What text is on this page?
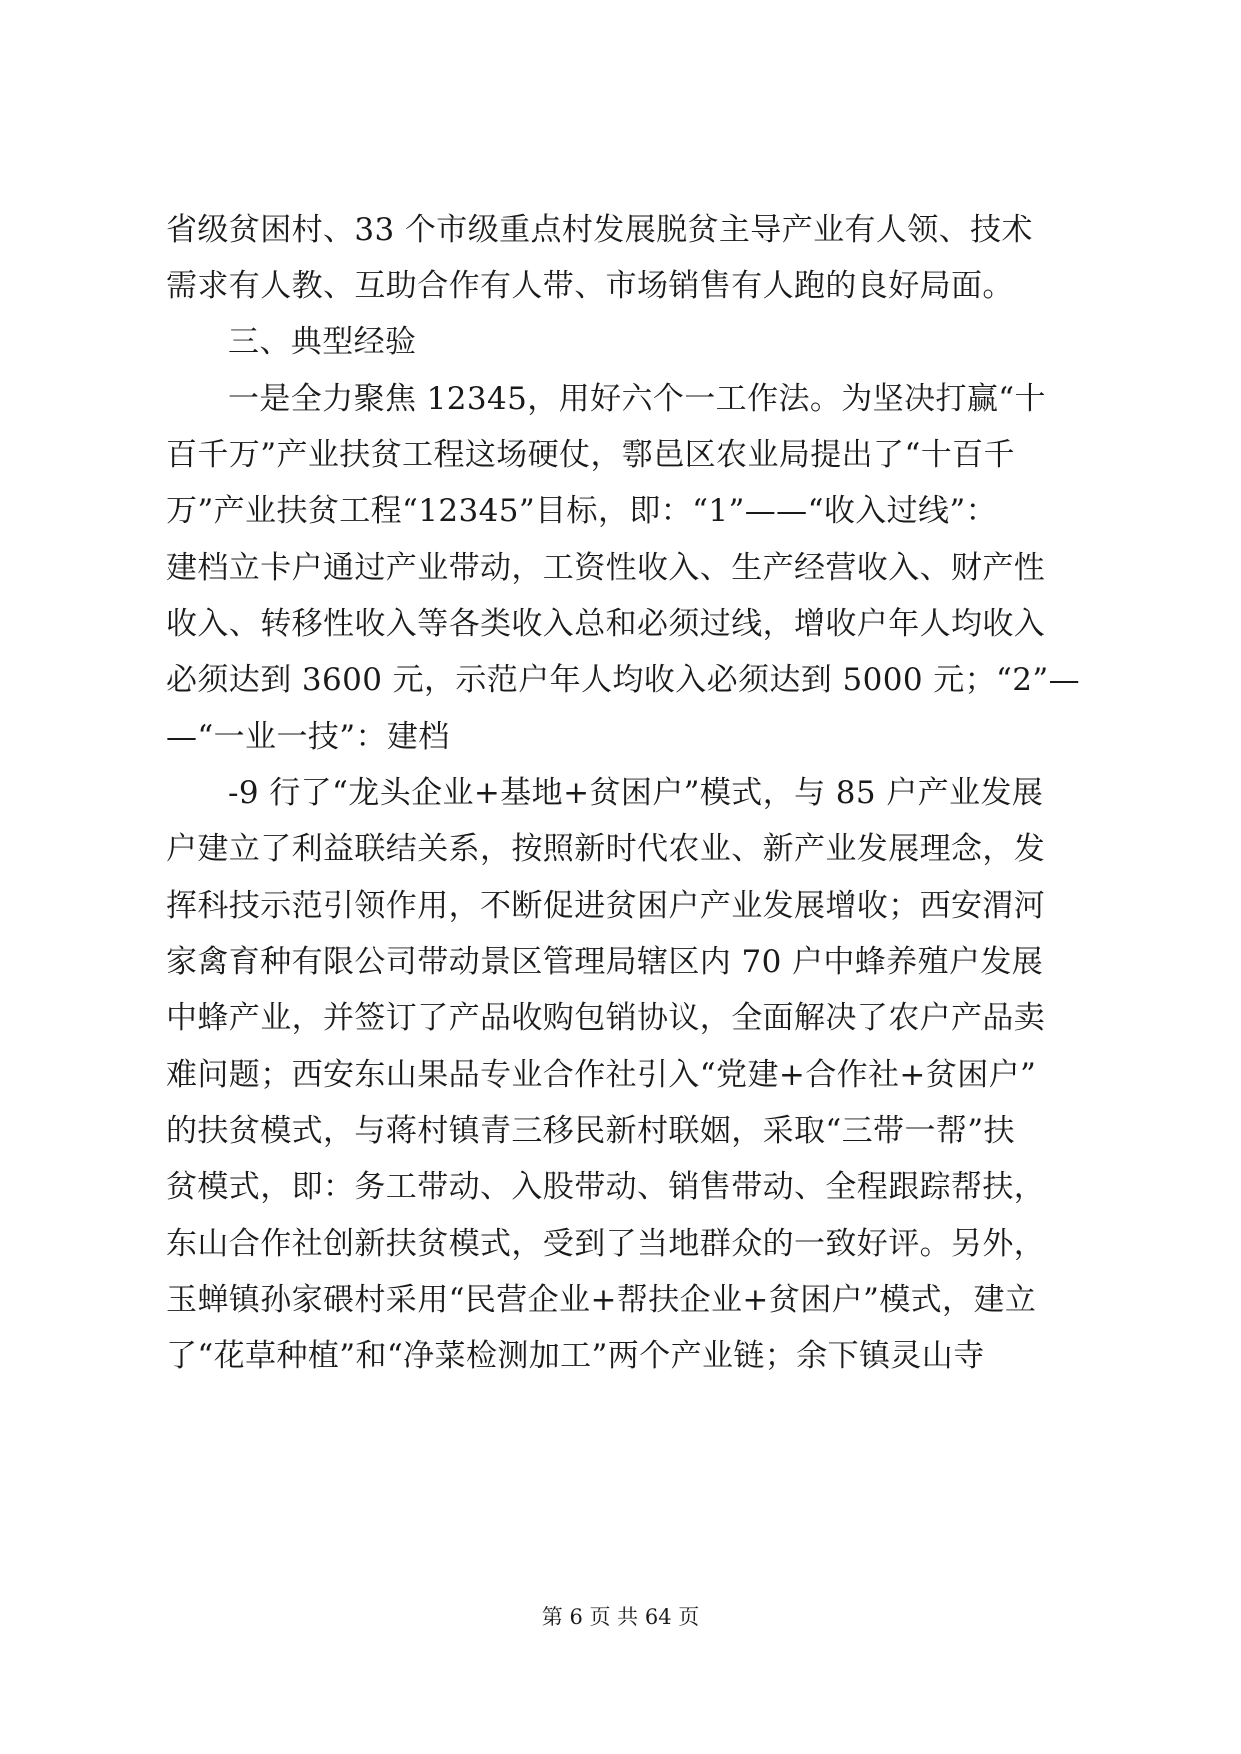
省级贫困村、33 个市级重点村发展脱贫主导产业有人领、技术
需求有人教、互助合作有人带、市场销售有人跑的良好局面。
三、典型经验
一是全力聚焦 12345，用好六个一工作法。为坚决打赢“十
百千万”产业扶贫工程这场硬仗，鄠邑区农业局提出了“十百千
万”产业扶贫工程“12345”目标，即：“1”——“收入过线”：
建档立卡户通过产业带动，工资性收入、生产经营收入、财产性
收入、转移性收入等各类收入总和必须过线，增收户年人均收入
必须达到 3600 元，示范户年人均收入必须达到 5000 元；“2”—
—“一业一技”：建档
-9 行了“龙头企业+基地+贫困户”模式，与 85 户产业发展
户建立了利益联结关系，按照新时代农业、新产业发展理念，发
挥科技示范引领作用，不断促进贫困户产业发展增收；西安渭河
家禽育种有限公司带动景区管理局辖区内 70 户中蜂养殖户发展
中蜂产业，并签订了产品收购包销协议，全面解决了农户产品卖
难问题；西安东山果品专业合作社引入“党建+合作社+贫困户”
的扶贫模式，与蒋村镇青三移民新村联姻，采取“三带一帮”扶
贫模式，即：务工带动、入股带动、销售带动、全程跟踪帮扶，
东山合作社创新扶贫模式，受到了当地群众的一致好评。另外，
玉蝉镇孙家碨村采用“民营企业+帮扶企业+贫困户”模式，建立
了“花草种植”和“净菜检测加工”两个产业链；余下镇灵山寺
第 6 页 共 64 页
